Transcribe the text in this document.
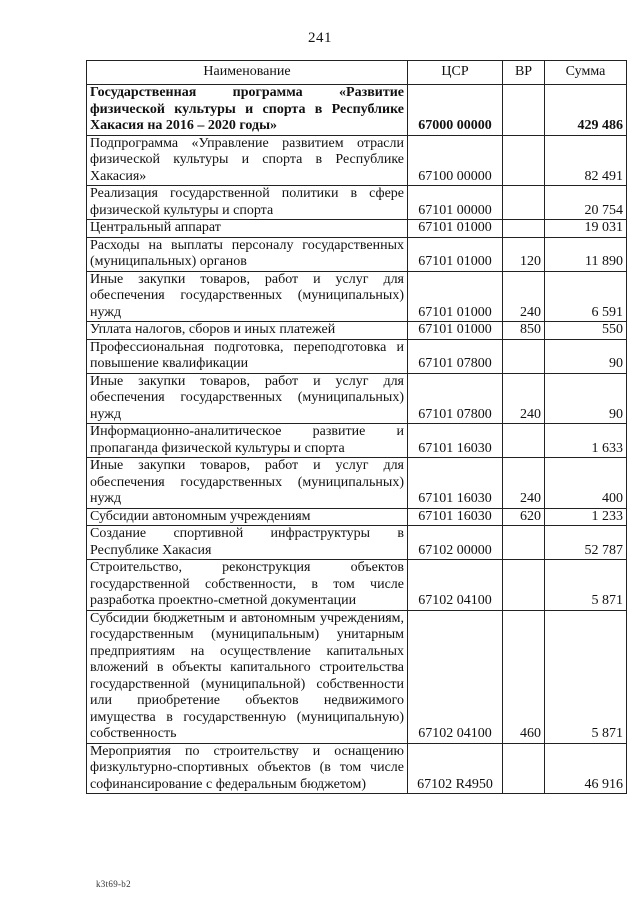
241
Наименование	ЦСР	ВР	Сумма
Государственная программа «Развитие физической культуры и спорта в Республике Хакасия на 2016 – 2020 годы»	67000 00000		429 486
Подпрограмма «Управление развитием отрасли физической культуры и спорта в Республике Хакасия»	67100 00000		82 491
Реализация государственной политики в сфере физической культуры и спорта	67101 00000		20 754
Центральный аппарат	67101 01000		19 031
Расходы на выплаты персоналу государственных (муниципальных) органов	67101 01000	120	11 890
Иные закупки товаров, работ и услуг для обеспечения государственных (муниципальных) нужд	67101 01000	240	6 591
Уплата налогов, сборов и иных платежей	67101 01000	850	550
Профессиональная подготовка, переподготовка и повышение квалификации	67101 07800		90
Иные закупки товаров, работ и услуг для обеспечения государственных (муниципальных) нужд	67101 07800	240	90
Информационно-аналитическое развитие и пропаганда физической культуры и спорта	67101 16030		1 633
Иные закупки товаров, работ и услуг для обеспечения государственных (муниципальных) нужд	67101 16030	240	400
Субсидии автономным учреждениям	67101 16030	620	1 233
Создание спортивной инфраструктуры в Республике Хакасия	67102 00000		52 787
Строительство, реконструкция объектов государственной собственности, в том числе разработка проектно-сметной документации	67102 04100		5 871
Субсидии бюджетным и автономным учреждениям, государственным (муниципальным) унитарным предприятиям на осуществление капитальных вложений в объекты капитального строительства государственной (муниципальной) собственности или приобретение объектов недвижимого имущества в государственную (муниципальную) собственность	67102 04100	460	5 871
Мероприятия по строительству и оснащению физкультурно-спортивных объектов (в том числе софинансирование с федеральным бюджетом)	67102 R4950		46 916
k3t69-b2
